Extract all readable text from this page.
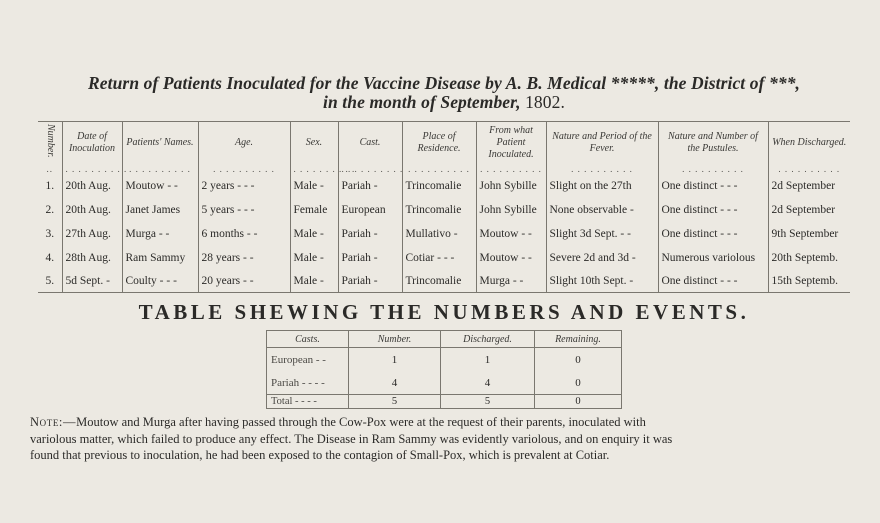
Return of Patients Inoculated for the Vaccine Disease by A. B. Medical *****, the District of ***,
in the month of September, 1802.
Number.	Date of Inoculation	Patients' Names.	Age.	Sex.	Cast.	Place of Residence.	From what Patient Inoculated.	Nature and Period of the Fever.	Nature and Number of the Pustules.	When Discharged.
..	. . . . . . . . . .	. . . . . . . . . .	. . . . . . . . . .	. . . . . . . . . .	. . . . . . . . . .	. . . . . . . . . .	. . . . . . . . . .	. . . . . . . . . .	. . . . . . . . . .	. . . . . . . . . .
1.	20th Aug.	Moutow - -	2 years - - -	Male -	Pariah -	Trincomalie	John Sybille	Slight on the 27th	One distinct - - -	2d September
2.	20th Aug.	Janet James	5 years - - -	Female	European	Trincomalie	John Sybille	None observable -	One distinct - - -	2d September
3.	27th Aug.	Murga - -	6 months - -	Male -	Pariah -	Mullativo -	Moutow - -	Slight 3d Sept. - -	One distinct - - -	9th September
4.	28th Aug.	Ram Sammy	28 years - -	Male -	Pariah -	Cotiar - - -	Moutow - -	Severe 2d and 3d -	Numerous variolous	20th Septemb.
5.	5d Sept. -	Coulty - - -	20 years - -	Male -	Pariah -	Trincomalie	Murga - -	Slight 10th Sept. -	One distinct - - -	15th Septemb.
TABLE SHEWING THE NUMBERS AND EVENTS.
Casts.	Number.	Discharged.	Remaining.
European - -	1	1	0
Pariah - - - -	4	4	0
Total - - - -	5	5	0

Note:—Moutow and Murga after having passed through the Cow-Pox were at the request of their parents, inoculated with

variolous matter, which failed to produce any effect. The Disease in Ram Sammy was evidently variolous, and on enquiry it was

found that previous to inoculation, he had been exposed to the contagion of Small-Pox, which is prevalent at Cotiar.
